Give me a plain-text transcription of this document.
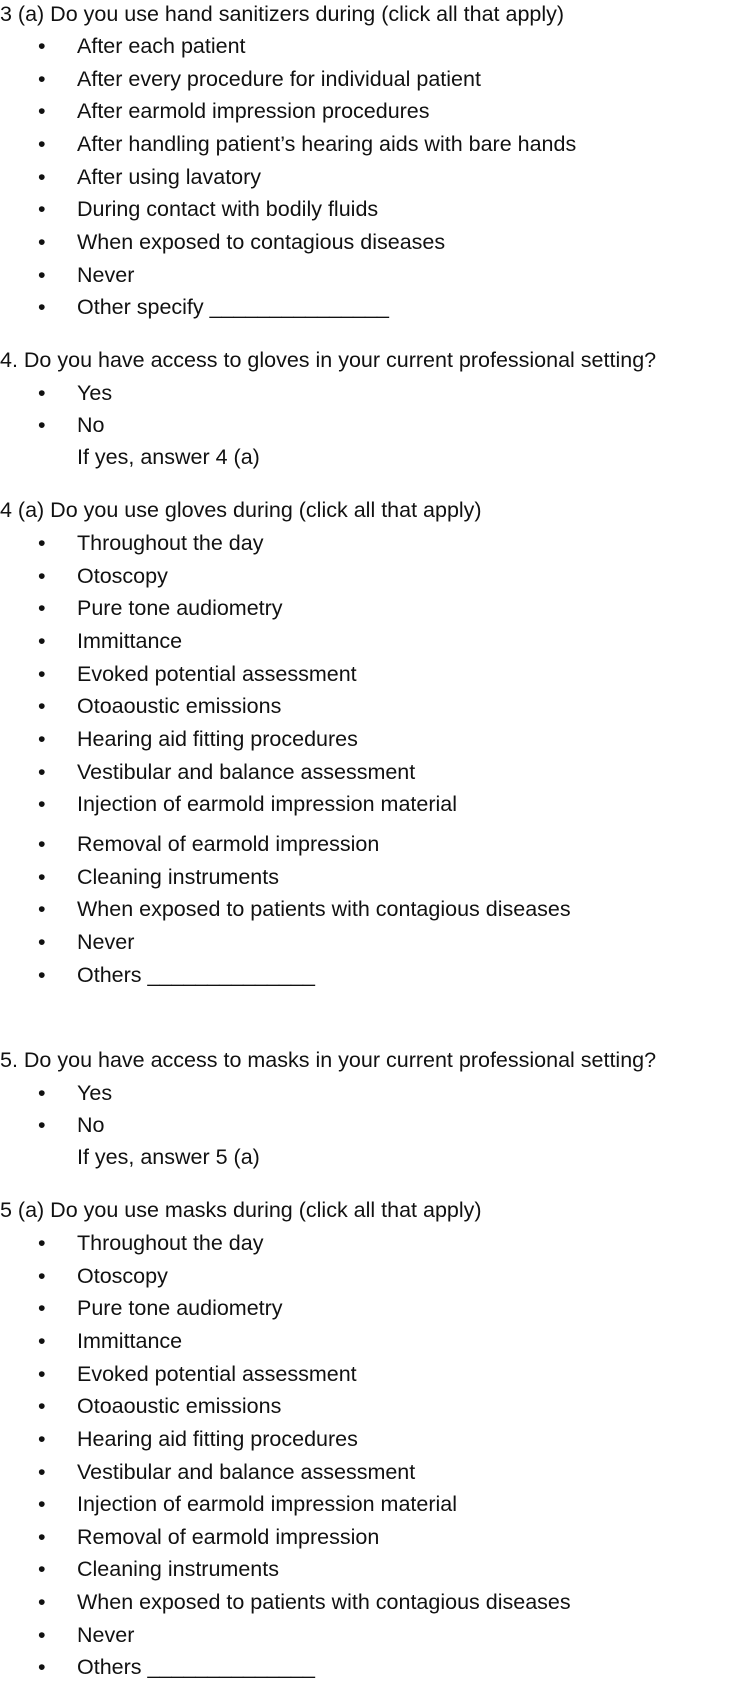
3 (a) Do you use hand sanitizers during (click all that apply)
• After each patient
• After every procedure for individual patient
• After earmold impression procedures
• After handling patient’s hearing aids with bare hands
• After using lavatory
• During contact with bodily fluids
• When exposed to contagious diseases
• Never
• Other specify _______________
4. Do you have access to gloves in your current professional setting?
• Yes
• No
If yes, answer 4 (a)
4 (a) Do you use gloves during (click all that apply)
• Throughout the day
• Otoscopy
• Pure tone audiometry
• Immittance
• Evoked potential assessment
• Otoaoustic emissions
• Hearing aid fitting procedures
• Vestibular and balance assessment
• Injection of earmold impression material
• Removal of earmold impression
• Cleaning instruments
• When exposed to patients with contagious diseases
• Never
• Others ______________
5. Do you have access to masks in your current professional setting?
• Yes
• No
If yes, answer 5 (a)
5 (a) Do you use masks during (click all that apply)
• Throughout the day
• Otoscopy
• Pure tone audiometry
• Immittance
• Evoked potential assessment
• Otoaoustic emissions
• Hearing aid fitting procedures
• Vestibular and balance assessment
• Injection of earmold impression material
• Removal of earmold impression
• Cleaning instruments
• When exposed to patients with contagious diseases
• Never
• Others ______________
